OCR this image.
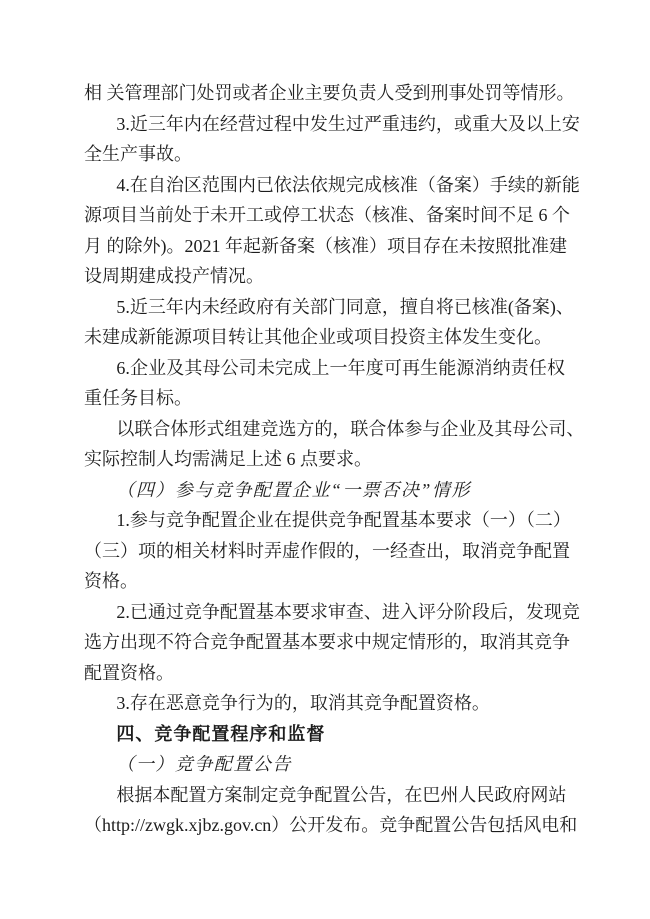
相 关管理部门处罚或者企业主要负责人受到刑事处罚等情形。
3.近三年内在经营过程中发生过严重违约，或重大及以上安
全生产事故。
4.在自治区范围内已依法依规完成核准（备案）手续的新能
源项目当前处于未开工或停工状态（核准、备案时间不足 6 个
月 的除外)。2021 年起新备案（核准）项目存在未按照批准建
设周期建成投产情况。
5.近三年内未经政府有关部门同意，擅自将已核准(备案)、
未建成新能源项目转让其他企业或项目投资主体发生变化。
6.企业及其母公司未完成上一年度可再生能源消纳责任权
重任务目标。
以联合体形式组建竞选方的，联合体参与企业及其母公司、
实际控制人均需满足上述 6 点要求。
（四）参与竞争配置企业“一票否决”情形
1.参与竞争配置企业在提供竞争配置基本要求（一）（二）
（三）项的相关材料时弄虚作假的，一经查出，取消竞争配置
资格。
2.已通过竞争配置基本要求审查、进入评分阶段后，发现竞
选方出现不符合竞争配置基本要求中规定情形的，取消其竞争
配置资格。
3.存在恶意竞争行为的，取消其竞争配置资格。
四、竞争配置程序和监督
（一）竞争配置公告
根据本配置方案制定竞争配置公告，在巴州人民政府网站
（http://zwgk.xjbz.gov.cn）公开发布。竞争配置公告包括风电和
